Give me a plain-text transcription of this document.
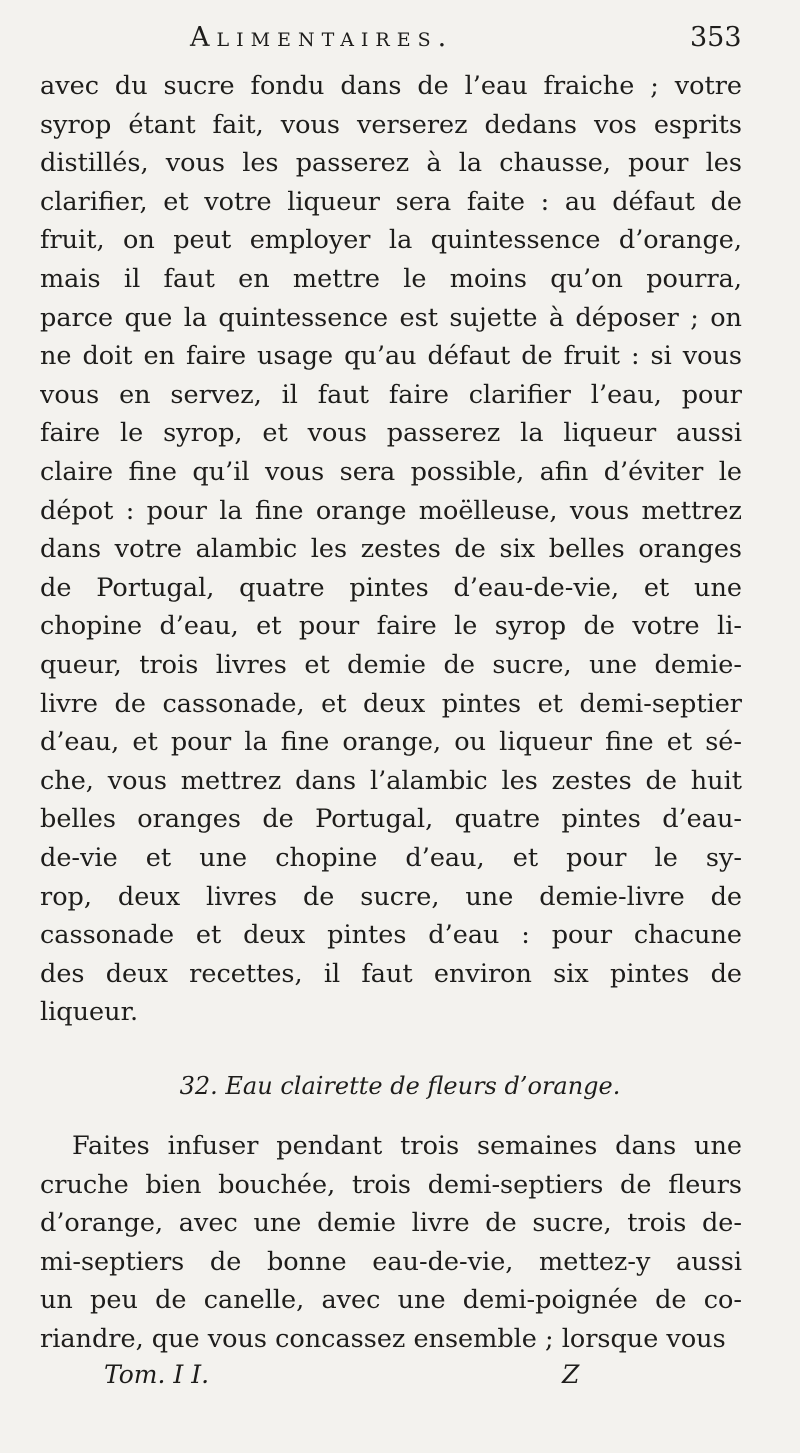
Alimentaires.	353
avec du sucre fondu dans de l’eau fraiche ; votre
syrop étant fait, vous verserez dedans vos esprits
distillés, vous les passerez à la chausse, pour les
clarifier, et votre liqueur sera faite : au défaut de
fruit, on peut employer la quintessence d’orange,
mais il faut en mettre le moins qu’on pourra,
parce que la quintessence est sujette à déposer ; on
ne doit en faire usage qu’au défaut de fruit : si vous
vous en servez, il faut faire clarifier l’eau, pour
faire le syrop, et vous passerez la liqueur aussi
claire fine qu’il vous sera possible, afin d’éviter le
dépot : pour la fine orange moëlleuse, vous mettrez
dans votre alambic les zestes de six belles oranges
de Portugal, quatre pintes d’eau-de-vie, et une
chopine d’eau, et pour faire le syrop de votre li-
queur, trois livres et demie de sucre, une demie-
livre de cassonade, et deux pintes et demi-septier
d’eau, et pour la fine orange, ou liqueur fine et sé-
che, vous mettrez dans l’alambic les zestes de huit
belles oranges de Portugal, quatre pintes d’eau-
de-vie et une chopine d’eau, et pour le sy-
rop, deux livres de sucre, une demie-livre de
cassonade et deux pintes d’eau : pour chacune
des deux recettes, il faut environ six pintes de
liqueur.
32. Eau clairette de fleurs d’orange.
Faites infuser pendant trois semaines dans une
cruche bien bouchée, trois demi-septiers de fleurs
d’orange, avec une demie livre de sucre, trois de-
mi-septiers de bonne eau-de-vie, mettez-y aussi
un peu de canelle, avec une demi-poignée de co-
riandre, que vous concassez ensemble ; lorsque vous
Tom. I I.	Z
